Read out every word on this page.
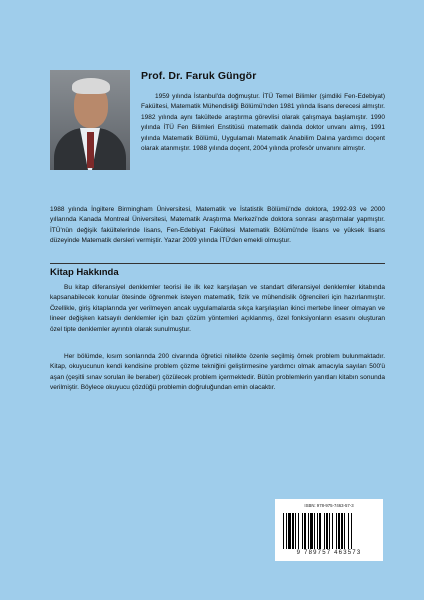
Prof. Dr. Faruk Güngör

1959 yılında İstanbul'da doğmuştur. İTÜ Temel Bilimler (şimdiki Fen-Edebiyat) Fakültesi, Matematik Mühendisliği Bölümü'nden 1981 yılında lisans derecesi almıştır. 1982 yılında aynı fakültede araştırma görevlisi olarak çalışmaya başlamıştır. 1990 yılında İTÜ Fen Bilimleri Enstitüsü matematik dalında doktor unvanı almış, 1991 yılında Matematik Bölümü, Uygulamalı Matematik Anabilim Dalına yardımcı doçent olarak atanmıştır. 1988 yılında doçent, 2004 yılında profesör unvanını almıştır.

1988 yılında İngiltere Birmingham Üniversitesi, Matematik ve İstatistik Bölümü'nde doktora, 1992-93 ve 2000 yıllarında Kanada Montreal Üniversitesi, Matematik Araştırma Merkezi'nde doktora sonrası araştırmalar yapmıştır. İTÜ'nün değişik fakültelerinde lisans, Fen-Edebiyat Fakültesi Matematik Bölümü'nde lisans ve yüksek lisans düzeyinde Matematik dersleri vermiştir. Yazar 2009 yılında İTÜ'den emekli olmuştur.

Kitap Hakkında

Bu kitap diferansiyel denklemler teorisi ile ilk kez karşılaşan ve standart diferansiyel denklemler kitabında kapsanabilecek konular ötesinde öğrenmek isteyen matematik, fizik ve mühendislik öğrencileri için hazırlanmıştır. Özellikle, giriş kitaplarında yer verilmeyen ancak uygulamalarda sıkça karşılaşılan ikinci mertebe lineer olmayan ve lineer değişken katsayılı denklemler için bazı çözüm yöntemleri açıklanmış, özel fonksiyonların esasını oluşturan özel tipte denklemler ayrıntılı olarak sunulmuştur.

Her bölümde, kısım sonlarında 200 civarında öğretici nitelikte özenle seçilmiş örnek problem bulunmaktadır. Kitap, okuyucunun kendi kendisine problem çözme tekniğini geliştirmesine yardımcı olmak amacıyla sayıları 500'ü aşan (çeşitli sınav soruları ile beraber) çözülecek problem içermektedir. Bütün problemlerin yanıtları kitabın sonunda verilmiştir. Böylece okuyucu çözdüğü problemin doğruluğundan emin olacaktır.

ISBN: 978-975-7463-57-3
9 789757 463573
